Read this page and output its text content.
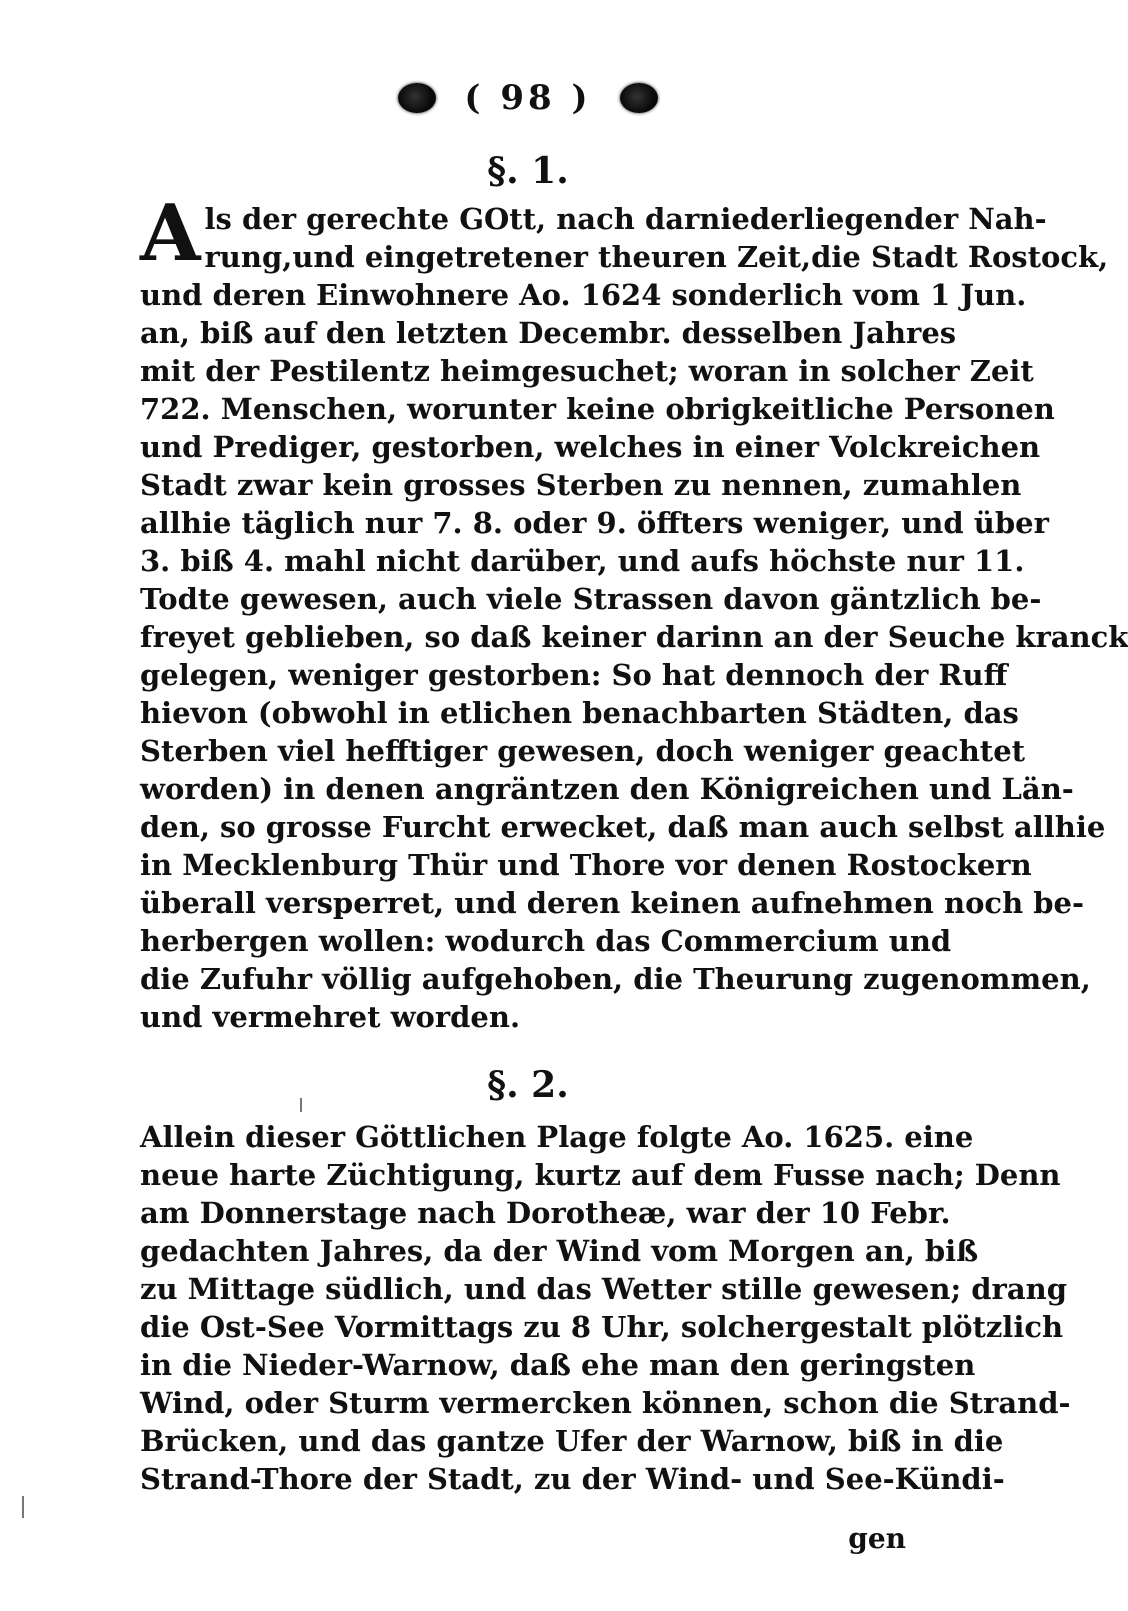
( 98 )
§. 1.
A ls der gerechte GOtt, nach darniederliegender Nah-
rung,und eingetretener theuren Zeit,die Stadt Rostock,
und deren Einwohnere Ao. 1624 sonderlich vom 1 Jun.
an, biß auf den letzten Decembr. desselben Jahres
mit der Pestilentz heimgesuchet; woran in solcher Zeit
722. Menschen, worunter keine obrigkeitliche Personen
und Prediger, gestorben, welches in einer Volckreichen
Stadt zwar kein grosses Sterben zu nennen, zumahlen
allhie täglich nur 7. 8. oder 9. öffters weniger, und über
3. biß 4. mahl nicht darüber, und aufs höchste nur 11.
Todte gewesen, auch viele Strassen davon gäntzlich be-
freyet geblieben, so daß keiner darinn an der Seuche kranck
gelegen, weniger gestorben: So hat dennoch der Ruff
hievon (obwohl in etlichen benachbarten Städten, das
Sterben viel hefftiger gewesen, doch weniger geachtet
worden) in denen angräntzen den Königreichen und Län-
den, so grosse Furcht erwecket, daß man auch selbst allhie
in Mecklenburg Thür und Thore vor denen Rostockern
überall versperret, und deren keinen aufnehmen noch be-
herbergen wollen: wodurch das Commercium und
die Zufuhr völlig aufgehoben, die Theurung zugenommen,
und vermehret worden.
§. 2.
Allein dieser Göttlichen Plage folgte Ao. 1625. eine
neue harte Züchtigung, kurtz auf dem Fusse nach; Denn
am Donnerstage nach Dorotheæ, war der 10 Febr.
gedachten Jahres, da der Wind vom Morgen an, biß
zu Mittage südlich, und das Wetter stille gewesen; drang
die Ost-See Vormittags zu 8 Uhr, solchergestalt plötzlich
in die Nieder-Warnow, daß ehe man den geringsten
Wind, oder Sturm vermercken können, schon die Strand-
Brücken, und das gantze Ufer der Warnow, biß in die
Strand-Thore der Stadt, zu der Wind- und See-Kündi-
gen
